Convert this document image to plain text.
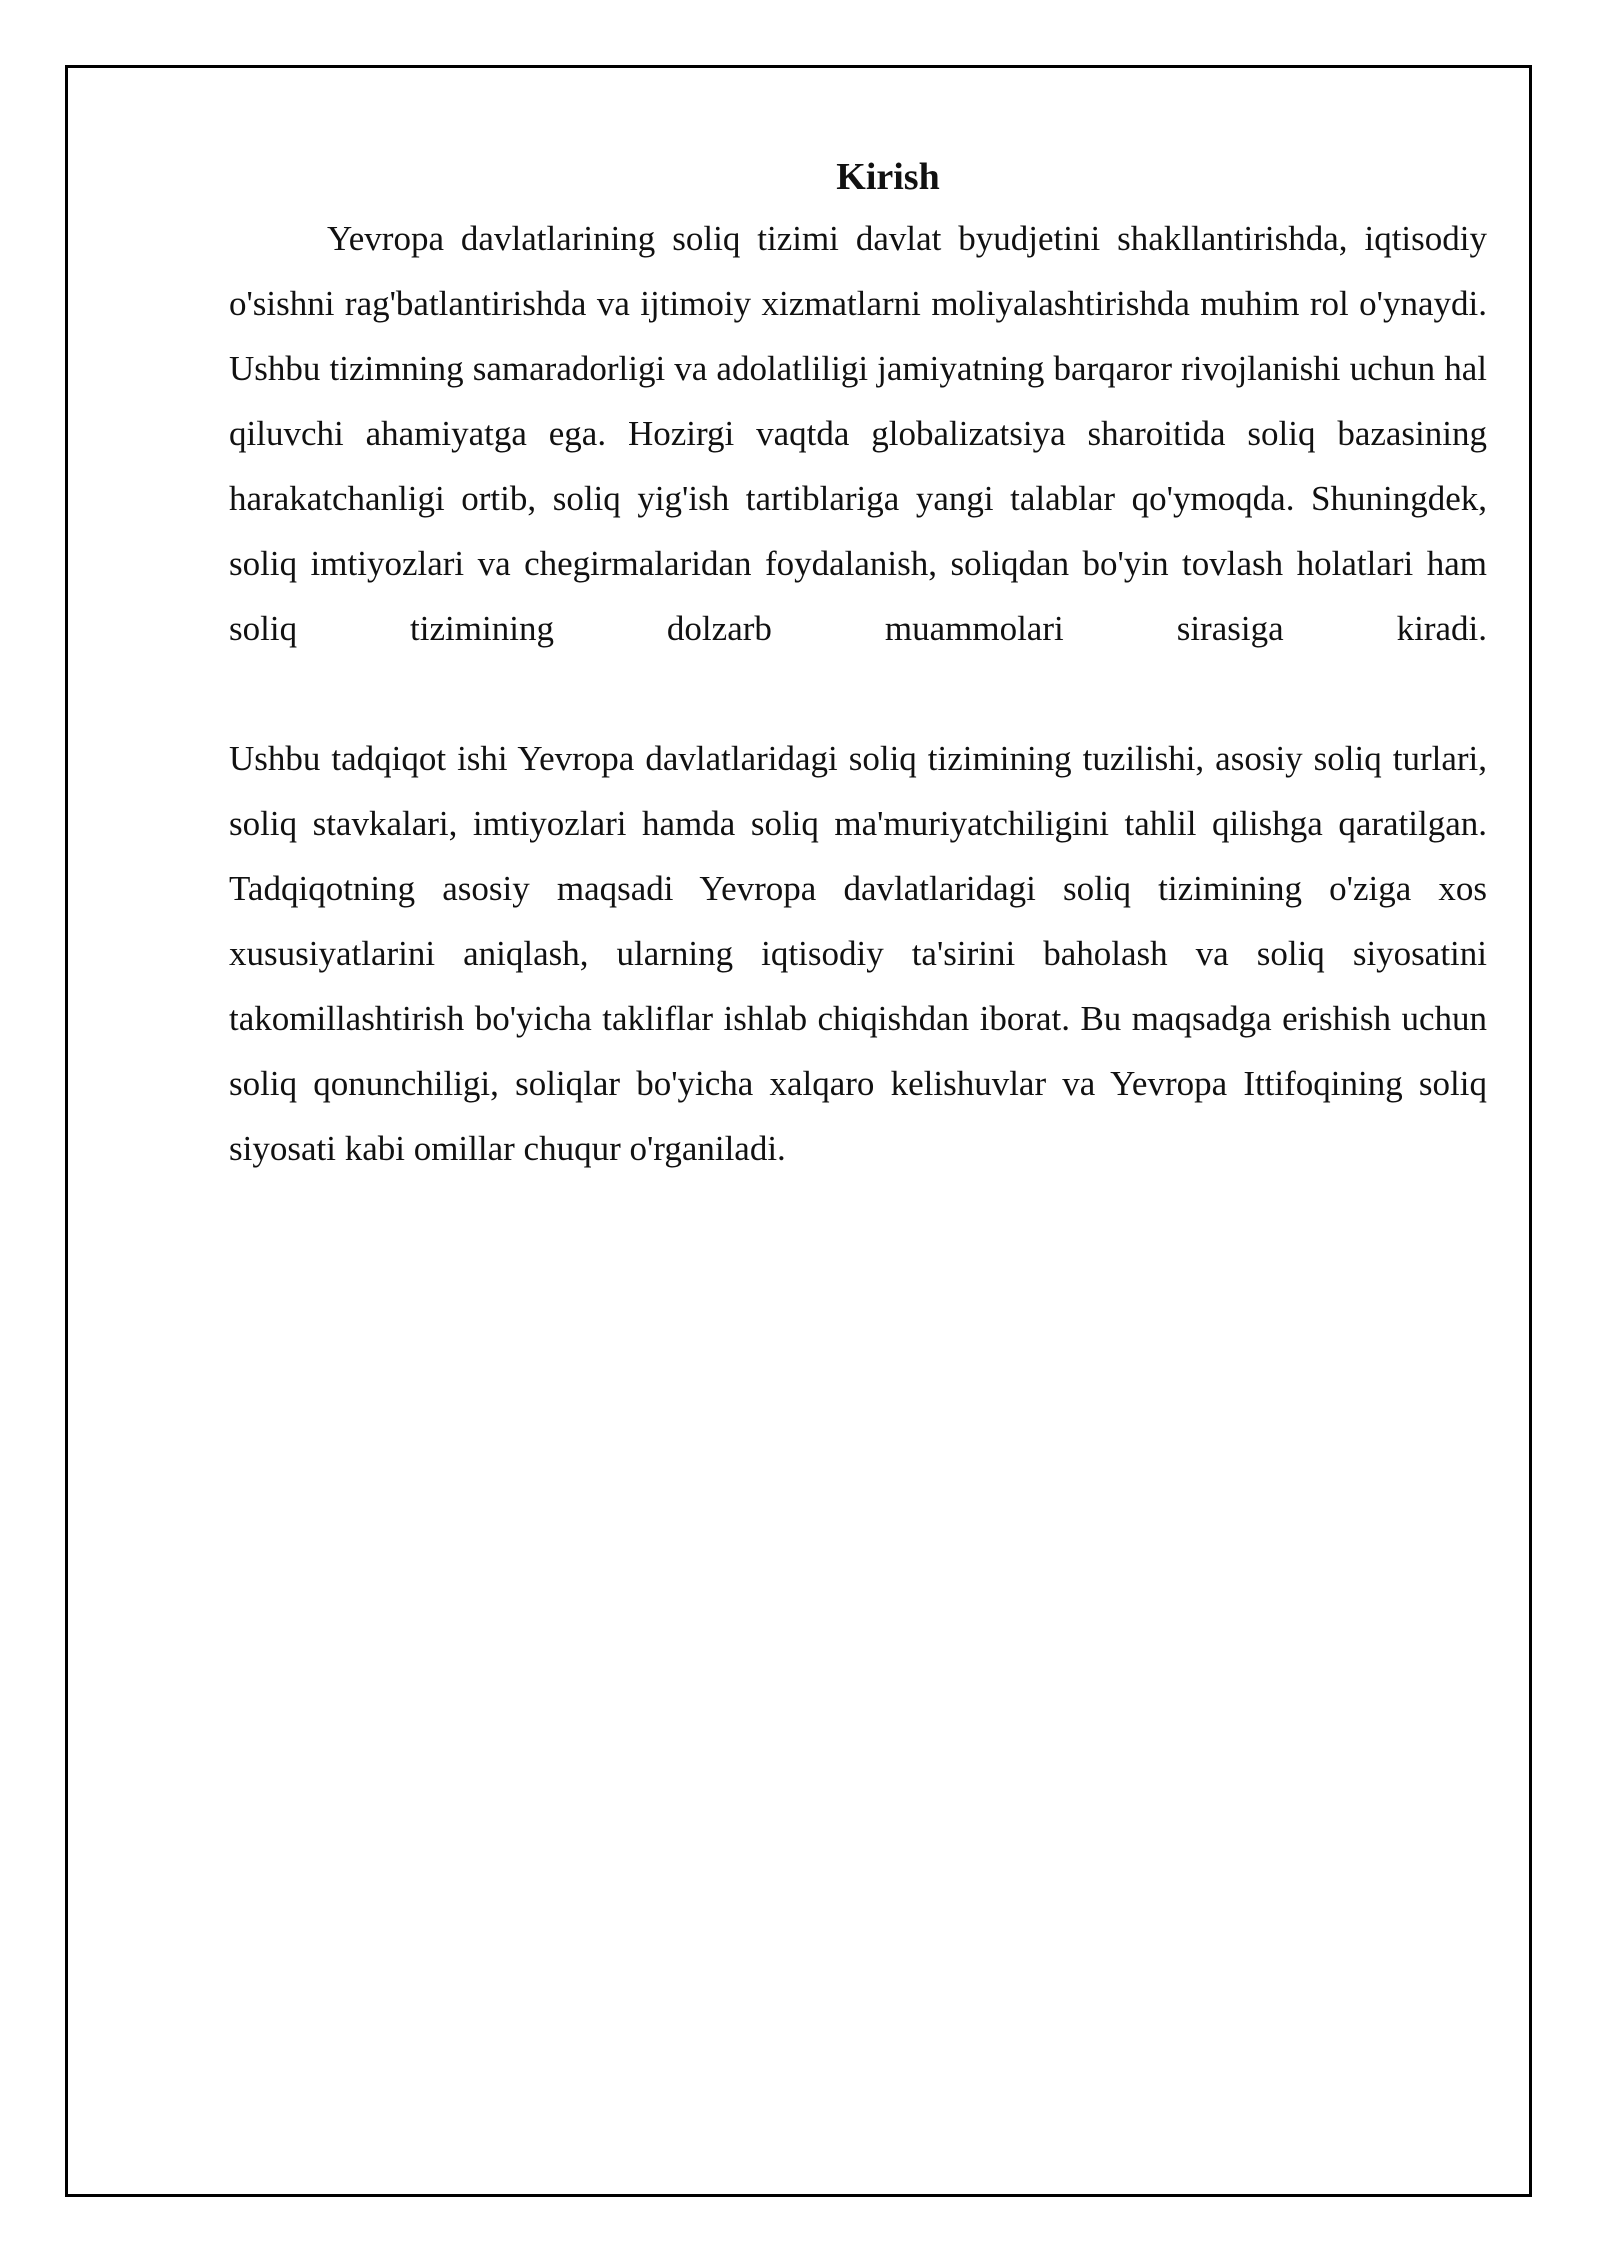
Kirish

Yevropa davlatlarining soliq tizimi davlat byudjetini shakllantirishda, iqtisodiy o'sishni rag'batlantirishda va ijtimoiy xizmatlarni moliyalashtirishda muhim rol o'ynaydi. Ushbu tizimning samaradorligi va adolatliligi jamiyatning barqaror rivojlanishi uchun hal qiluvchi ahamiyatga ega. Hozirgi vaqtda globalizatsiya sharoitida soliq bazasining harakatchanligi ortib, soliq yig'ish tartiblariga yangi talablar qo'ymoqda. Shuningdek, soliq imtiyozlari va chegirmalaridan foydalanish, soliqdan bo'yin tovlash holatlari ham soliq tizimining dolzarb muammolari sirasiga kiradi.

Ushbu tadqiqot ishi Yevropa davlatlaridagi soliq tizimining tuzilishi, asosiy soliq turlari, soliq stavkalari, imtiyozlari hamda soliq ma'muriyatchiligini tahlil qilishga qaratilgan. Tadqiqotning asosiy maqsadi Yevropa davlatlaridagi soliq tizimining o'ziga xos xususiyatlarini aniqlash, ularning iqtisodiy ta'sirini baholash va soliq siyosatini takomillashtirish bo'yicha takliflar ishlab chiqishdan iborat. Bu maqsadga erishish uchun soliq qonunchiligi, soliqlar bo'yicha xalqaro kelishuvlar va Yevropa Ittifoqining soliq siyosati kabi omillar chuqur o'rganiladi.
